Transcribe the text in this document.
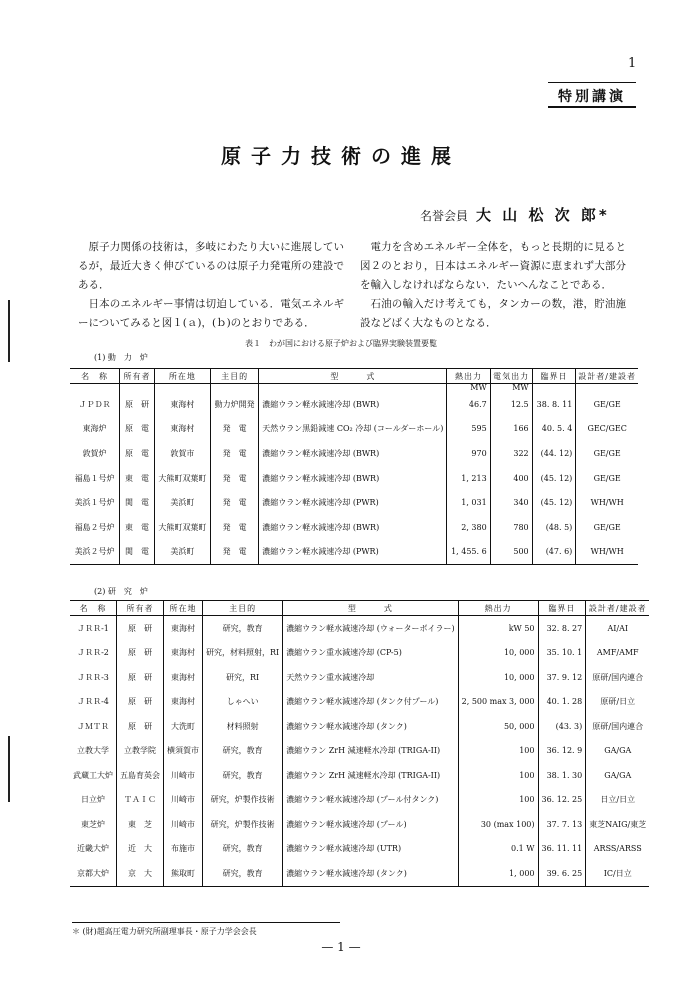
1
特別講演
原子力技術の進展
名誉会員 大 山 松 次 郎*

原子力関係の技術は，多岐にわたり大いに進展しているが，最近大きく伸びているのは原子力発電所の建設である．

日本のエネルギー事情は切迫している．電気エネルギーについてみると図１(ａ)，(ｂ)のとおりである．

電力を含めエネルギー全体を，もっと長期的に見ると図２のとおり，日本はエネルギー資源に恵まれず大部分を輸入しなければならない．たいへんなことである．

石油の輸入だけ考えても，タンカーの数，港，貯油施設などばく大なものとなる．

表１　わが国における原子炉および臨界実験装置要覧
(1) 動　力　炉
名　称	所有者	所在地	主目的	型　　　式	熱出力	電気出力	臨界日	設計者/建設者
					MW	MW		
ＪＰＤＲ	原　研	東海村	動力炉開発	濃縮ウラン軽水減速冷却 (BWR)	46.7	12.5	38. 8. 11	GE/GE
東海炉	原　電	東海村	発　電	天然ウラン黒鉛減速 CO₂ 冷却 (コールダーホール)	595	166	40. 5. 4	GEC/GEC
敦賀炉	原　電	敦賀市	発　電	濃縮ウラン軽水減速冷却 (BWR)	970	322	(44. 12)	GE/GE
福島１号炉	東　電	大熊町双葉町	発　電	濃縮ウラン軽水減速冷却 (BWR)	1, 213	400	(45. 12)	GE/GE
美浜１号炉	関　電	美浜町	発　電	濃縮ウラン軽水減速冷却 (PWR)	1, 031	340	(45. 12)	WH/WH
福島２号炉	東　電	大熊町双葉町	発　電	濃縮ウラン軽水減速冷却 (BWR)	2, 380	780	(48. 5)	GE/GE
美浜２号炉	関　電	美浜町	発　電	濃縮ウラン軽水減速冷却 (PWR)	1, 455. 6	500	(47. 6)	WH/WH
(2) 研　究　炉
名　称	所有者	所在地	主目的	型　　　式	熱出力	臨界日	設計者/建設者
ＪＲＲ-1	原　研	東海村	研究，教育	濃縮ウラン軽水減速冷却 (ウォーターボイラー)	kW 50	32. 8. 27	AI/AI
ＪＲＲ-2	原　研	東海村	研究，材料照射，RI	濃縮ウラン重水減速冷却 (CP-5)	10, 000	35. 10. 1	AMF/AMF
ＪＲＲ-3	原　研	東海村	研究，RI	天然ウラン重水減速冷却	10, 000	37. 9. 12	原研/国内連合
ＪＲＲ-4	原　研	東海村	しゃへい	濃縮ウラン軽水減速冷却 (タンク付プール)	2, 500 max 3, 000	40. 1. 28	原研/日立
ＪＭＴＲ	原　研	大洗町	材料照射	濃縮ウラン軽水減速冷却 (タンク)	50, 000	(43. 3)	原研/国内連合
立教大学	立教学院	横須賀市	研究，教育	濃縮ウラン ZrH 減速軽水冷却 (TRIGA-II)	100	36. 12. 9	GA/GA
武蔵工大炉	五島育英会	川崎市	研究，教育	濃縮ウラン ZrH 減速軽水冷却 (TRIGA-II)	100	38. 1. 30	GA/GA
日立炉	ＴＡＩＣ	川崎市	研究，炉製作技術	濃縮ウラン軽水減速冷却 (プール付タンク)	100	36. 12. 25	日立/日立
東芝炉	東　芝	川崎市	研究，炉製作技術	濃縮ウラン軽水減速冷却 (プール)	30 (max 100)	37. 7. 13	東芝NAIG/東芝
近畿大炉	近　大	布施市	研究，教育	濃縮ウラン軽水減速冷却 (UTR)	0.1 W	36. 11. 11	ARSS/ARSS
京都大炉	京　大	熊取町	研究，教育	濃縮ウラン軽水減速冷却 (タンク)	1, 000	39. 6. 25	IC/日立
＊ (財)超高圧電力研究所副理事長・原子力学会会長
— 1 —
